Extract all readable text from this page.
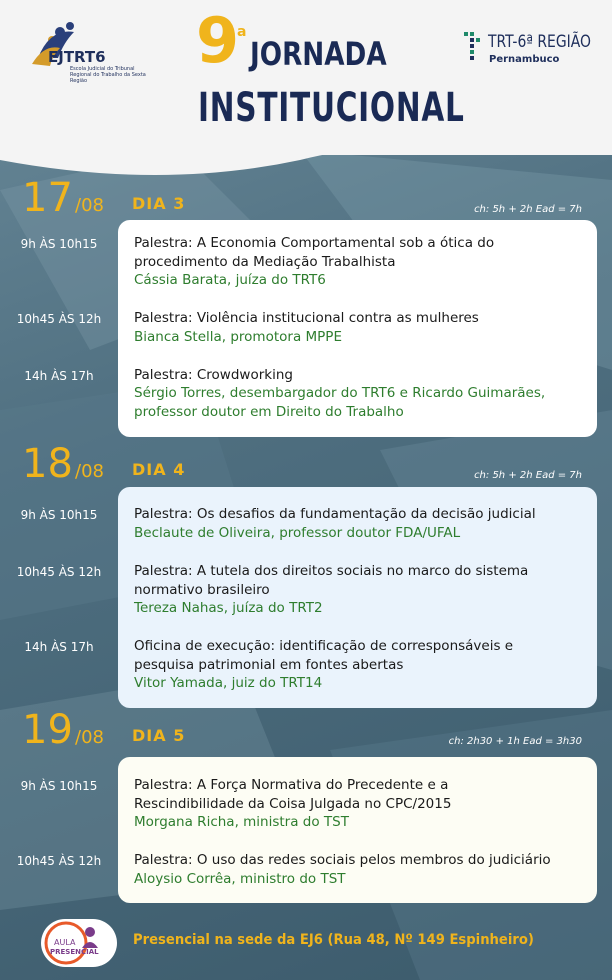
EJTRT6
Escola Judicial do Tribunal Regional do Trabalho da Sexta Região
9
a
JORNADA
INSTITUCIONAL
TRT-6ª REGIÃO
Pernambuco
17 /08 DIA 3	ch: 5h + 2h Ead = 7h
9h ÀS 10h15	Palestra: A Economia Comportamental sob a ótica do
procedimento da Mediação Trabalhista
Cássia Barata, juíza do TRT6
10h45 ÀS 12h	Palestra: Violência institucional contra as mulheres
Bianca Stella, promotora MPPE
14h ÀS 17h	Palestra: Crowdworking
Sérgio Torres, desembargador do TRT6 e Ricardo Guimarães,
professor doutor em Direito do Trabalho
18 /08 DIA 4	ch: 5h + 2h Ead = 7h
9h ÀS 10h15	Palestra: Os desafios da fundamentação da decisão judicial
Beclaute de Oliveira, professor doutor FDA/UFAL
10h45 ÀS 12h	Palestra: A tutela dos direitos sociais no marco do sistema
normativo brasileiro
Tereza Nahas, juíza do TRT2
14h ÀS 17h	Oficina de execução: identificação de corresponsáveis e
pesquisa patrimonial em fontes abertas
Vitor Yamada, juiz do TRT14
19 /08 DIA 5	ch: 2h30 + 1h Ead = 3h30
9h ÀS 10h15	Palestra: A Força Normativa do Precedente e a
Rescindibilidade da Coisa Julgada no CPC/2015
Morgana Richa, ministra do TST
10h45 ÀS 12h	Palestra: O uso das redes sociais pelos membros do judiciário
Aloysio Corrêa, ministro do TST
AULA
PRESENCIAL
Presencial na sede da EJ6 (Rua 48, Nº 149 Espinheiro)
